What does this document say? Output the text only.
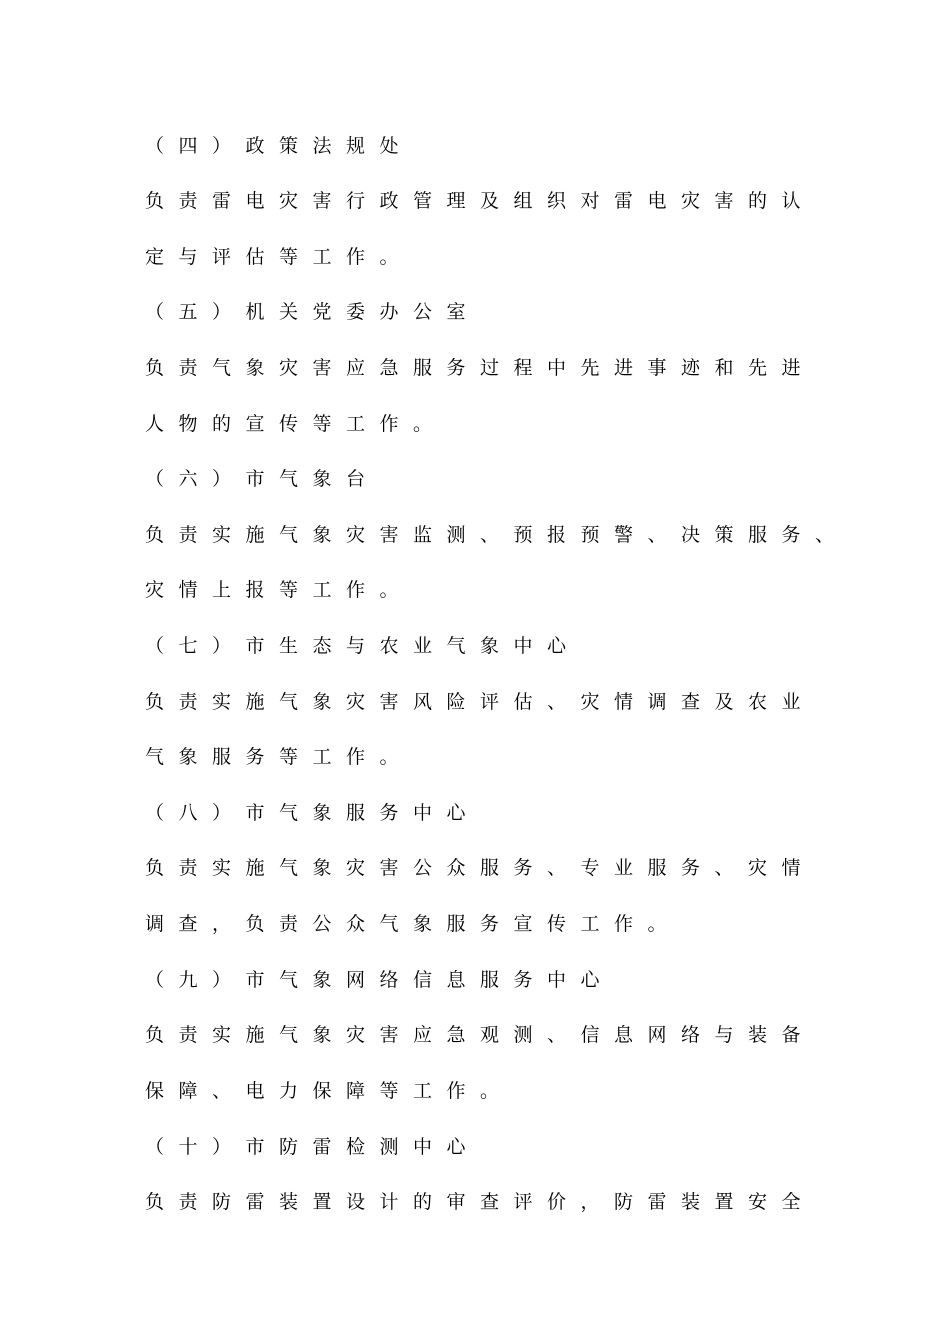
（四）政策法规处
负责雷电灾害行政管理及组织对雷电灾害的认
定与评估等工作。
（五）机关党委办公室
负责气象灾害应急服务过程中先进事迹和先进
人物的宣传等工作。
（六）市气象台
负责实施气象灾害监测、预报预警、决策服务、
灾情上报等工作。
（七）市生态与农业气象中心
负责实施气象灾害风险评估、灾情调查及农业
气象服务等工作。
（八）市气象服务中心
负责实施气象灾害公众服务、专业服务、灾情
调查，负责公众气象服务宣传工作。
（九）市气象网络信息服务中心
负责实施气象灾害应急观测、信息网络与装备
保障、电力保障等工作。
（十）市防雷检测中心
负责防雷装置设计的审查评价，防雷装置安全
